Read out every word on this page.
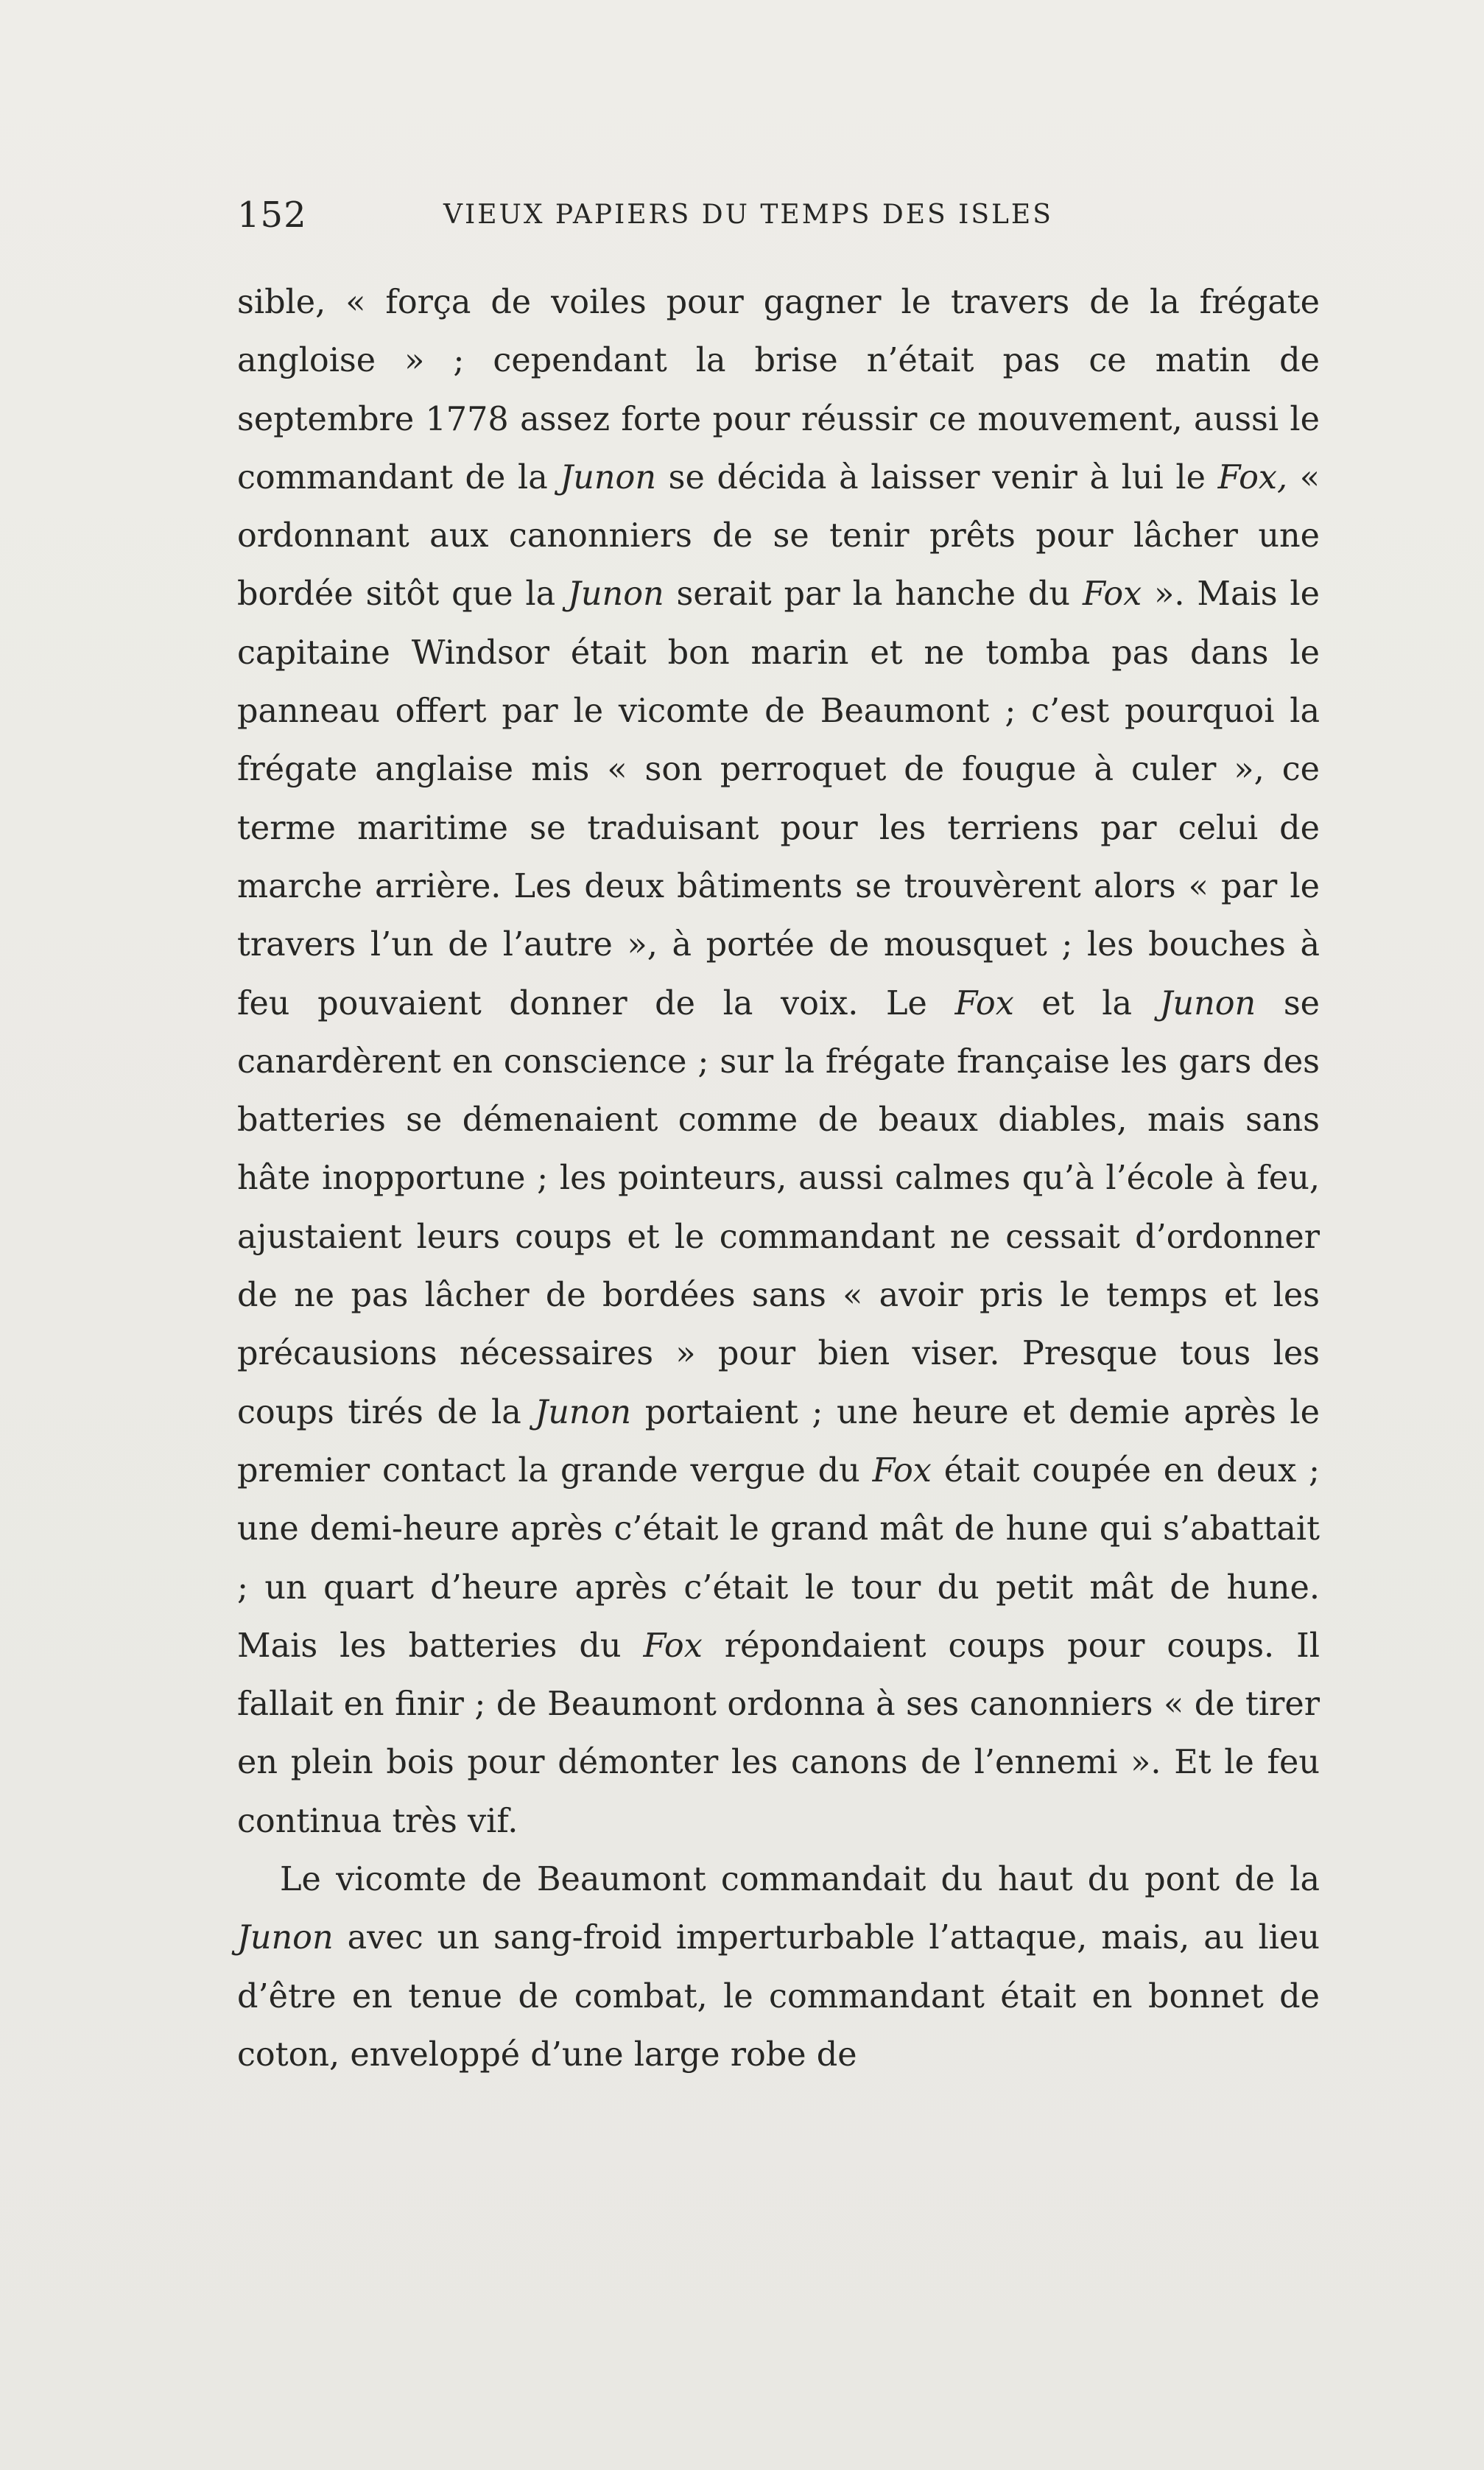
152	VIEUX PAPIERS DU TEMPS DES ISLES

sible, « força de voiles pour gagner le travers de la frégate angloise » ; cependant la brise n’était pas ce matin de septembre 1778 assez forte pour réussir ce mouvement, aussi le commandant de la Junon se décida à laisser venir à lui le Fox, « ordonnant aux canonniers de se tenir prêts pour lâcher une bordée sitôt que la Junon serait par la hanche du Fox ». Mais le capitaine Windsor était bon marin et ne tomba pas dans le panneau offert par le vicomte de Beaumont ; c’est pourquoi la frégate anglaise mis « son perroquet de fougue à culer », ce terme maritime se traduisant pour les terriens par celui de marche arrière. Les deux bâtiments se trouvèrent alors « par le travers l’un de l’autre », à portée de mousquet ; les bouches à feu pouvaient donner de la voix. Le Fox et la Junon se canardèrent en conscience ; sur la frégate française les gars des batteries se démenaient comme de beaux diables, mais sans hâte inopportune ; les pointeurs, aussi calmes qu’à l’école à feu, ajustaient leurs coups et le commandant ne cessait d’ordonner de ne pas lâcher de bordées sans « avoir pris le temps et les précausions nécessaires » pour bien viser. Presque tous les coups tirés de la Junon portaient ; une heure et demie après le premier contact la grande vergue du Fox était coupée en deux ; une demi-heure après c’était le grand mât de hune qui s’abattait ; un quart d’heure après c’était le tour du petit mât de hune. Mais les batteries du Fox répondaient coups pour coups. Il fallait en finir ; de Beaumont ordonna à ses canonniers « de tirer en plein bois pour démonter les canons de l’ennemi ». Et le feu continua très vif.

Le vicomte de Beaumont commandait du haut du pont de la Junon avec un sang-froid imperturbable l’attaque, mais, au lieu d’être en tenue de combat, le commandant était en bonnet de coton, enveloppé d’une large robe de
